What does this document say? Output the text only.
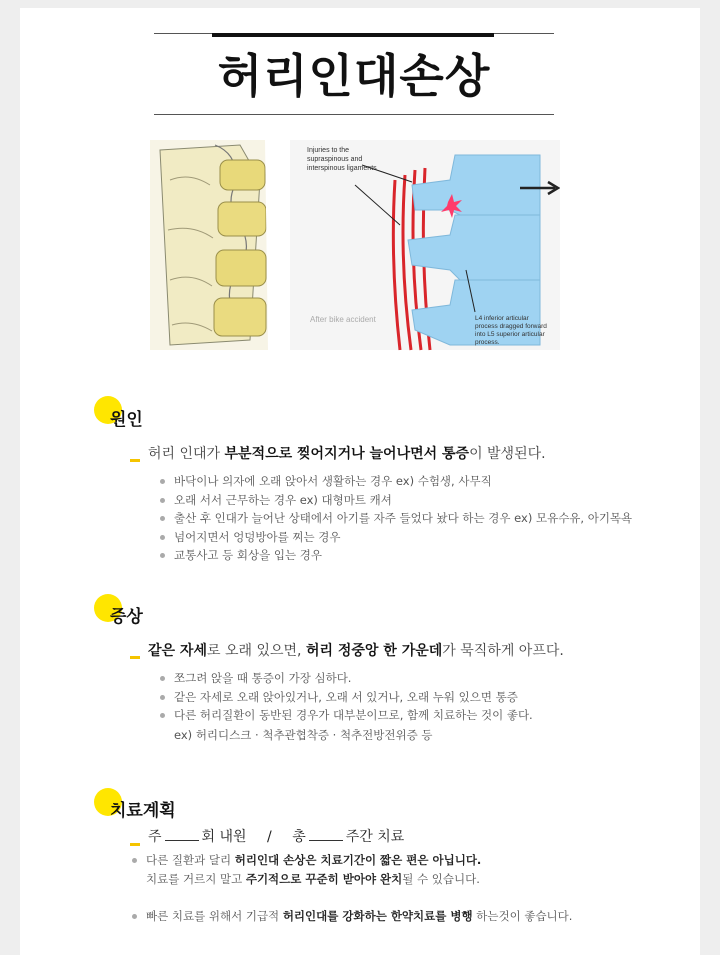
허리인대손상
Injuries to the supraspinous and interspinous ligaments
After bike accident	L4 inferior articular process dragged forward into L5 superior articular process.
원인
허리 인대가 부분적으로 찢어지거나 늘어나면서 통증이 발생된다.
바닥이나 의자에 오래 앉아서 생활하는 경우 ex) 수험생, 사무직
오래 서서 근무하는 경우 ex) 대형마트 캐셔
출산 후 인대가 늘어난 상태에서 아기를 자주 들었다 놨다 하는 경우 ex) 모유수유, 아기목욕
넘어지면서 엉덩방아를 찌는 경우
교통사고 등 회상을 입는 경우
증상
같은 자세로 오래 있으면, 허리 정중앙 한 가운데가 묵직하게 아프다.
쪼그려 앉을 때 통증이 가장 심하다.
같은 자세로 오래 앉아있거나, 오래 서 있거나, 오래 누워 있으면 통증
다른 허리질환이 동반된 경우가 대부분이므로, 함께 치료하는 것이 좋다.
ex) 허리디스크 · 척추관협착증 · 척추전방전위증 등
치료계획
주	회 내원 / 총	주간 치료
다른 질환과 달리 허리인대 손상은 치료기간이 짧은 편은 아닙니다.
치료를 거르지 말고 주기적으로 꾸준히 받아야 완치될 수 있습니다.
빠른 치료를 위해서 기급적 허리인대를 강화하는 한약치료를 병행 하는것이 좋습니다.
